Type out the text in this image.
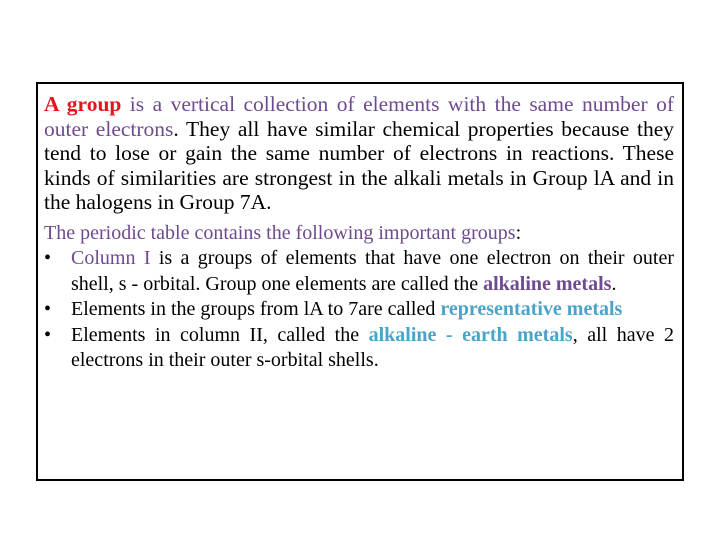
A group is a vertical collection of elements with the same number of outer electrons. They all have similar chemical properties because they tend to lose or gain the same number of electrons in reactions. These kinds of similarities are strongest in the alkali metals in Group lA and in the halogens in Group 7A.

The periodic table contains the following important groups:
• Column I is a groups of elements that have one electron on their outer shell, s - orbital. Group one elements are called the alkaline metals.
• Elements in the groups from lA to 7are called representative metals
• Elements in column II, called the alkaline - earth metals, all have 2 electrons in their outer s-orbital shells.
